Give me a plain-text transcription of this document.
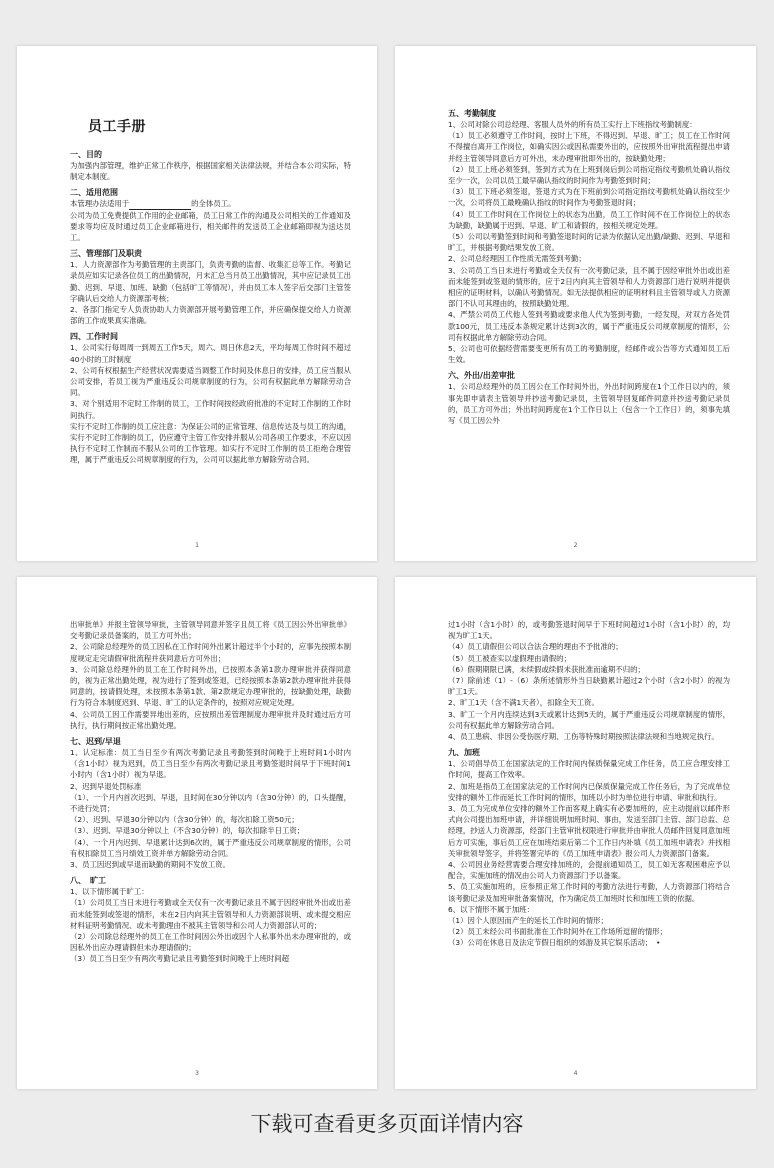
员工手册
一、目的

为加强内部管理，维护正常工作秩序，根据国家相关法律法规，并结合本公司实际，特制定本制度。

二、适用范围

本管理办法适用于	的全体员工。

公司为员工免费提供工作用的企业邮箱，员工日常工作的沟通及公司相关的工作通知及要求等均应及时通过员工企业邮箱进行，相关邮件的发送员工企业邮箱即视为送达员工。

三、管理部门及职责

1、人力资源部作为考勤管理的主责部门，负责考勤的监督、收集汇总等工作。考勤记录员应如实记录各位员工的出勤情况，月末汇总当月员工出勤情况，其中应记录员工出勤、迟到、早退、加班、缺勤（包括旷工等情况），并由员工本人签字后交部门主管签字确认后交给人力资源部考核；

2、各部门指定专人负责协助人力资源部开展考勤管理工作，并应确保提交给人力资源部的工作成果真实准确。

四、工作时间

1、公司实行每周周一到周五工作5天，周六、周日休息2天，平均每周工作时间不超过40小时的工时制度

2、公司有权根据生产经营状况需要适当调整工作时间及休息日的安排，员工应当服从公司安排，若员工视为严重违反公司规章制度的行为，公司有权据此单方解除劳动合同。

3、对个别适用不定时工作制的员工，工作时间按经政府批准的不定时工作制的工作时间执行。

实行不定时工作制的员工应注意：为保证公司的正常管理、信息传达及与员工的沟通，实行不定时工作制的员工，仍应遵守主管工作安排并服从公司各项工作要求，不应以因执行不定时工作制而不服从公司的工作管理。如实行不定时工作制的员工拒绝合理管理，属于严重违反公司规章制度的行为，公司可以据此单方解除劳动合同。

1
五、考勤制度

1、公司对除公司总经理、客服人员外的所有员工实行上下班指纹考勤制度：

（1）员工必须遵守工作时间，按时上下班，不得迟到、早退、旷工；员工在工作时间不得擅自离开工作岗位，如确实因公或因私需要外出的，应按照外出审批流程提出申请并经主管领导同意后方可外出，未办理审批即外出的，按缺勤处理；

（2）员工上班必须签到，签到方式为在上班到岗后到公司指定指纹考勤机处确认指纹至少一次，公司以员工最早确认指纹的时间作为考勤签到时间；

（3）员工下班必须签退，签退方式为在下班前到公司指定指纹考勤机处确认指纹至少一次，公司将员工最晚确认指纹的时间作为考勤签退时间；

（4）员工工作时间在工作岗位上的状态为出勤，员工工作时间不在工作岗位上的状态为缺勤，缺勤属于迟到、早退、旷工和请假的，按相关规定处理。

（5）公司以考勤签到时间和考勤签退时间的记录为依据认定出勤/缺勤、迟到、早退和旷工，并根据考勤结果发放工资。

2、公司总经理因工作性质无需签到考勤；

3、公司员工当日未进行考勤或全天仅有一次考勤记录，且不属于因经审批外出或出差而未能签到或签退的情形的，应于2日内向其主管领导和人力资源部门进行说明并提供相应的证明材料，以确认考勤情况。如无法提供相应的证明材料且主管领导或人力资源部门不认可其理由的，按照缺勤处理。

4、严禁公司员工代他人签到考勤或要求他人代为签到考勤，一经发现，对双方各处罚款100元，员工违反本条规定累计达到3次的，属于严重违反公司规章制度的情形，公司有权据此单方解除劳动合同。

5、公司也可依据经营需要变更所有员工的考勤制度，经邮件或公告等方式通知员工后生效。

六、外出/出差审批

1、公司总经理外的员工因公在工作时间外出，外出时间跨度在1个工作日以内的，须事先即申请表主管领导并抄送考勤记录员，主管领导回复邮件同意并抄送考勤记录员的，员工方可外出；外出时间跨度在1个工作日以上（包含一个工作日）的，须事先填写《员工因公外

2

出审批单》并报主管领导审批，主管领导同意并签字且员工将《员工因公外出审批单》交考勤记录员备案的，员工方可外出；

2、公司除总经理外的员工因私在工作时间外出累计超过半个小时的，应事先按照本制度规定走完请假审批流程并获同意后方可外出；

3、公司除总经理外的员工在工作时间外出，已按照本条第1款办理审批并获得同意的，视为正常出勤处理，视为进行了签到或签退，已经按照本条第2款办理审批并获得同意的，按请假处理，未按照本条第1款、第2款规定办理审批的，按缺勤处理，缺勤行为符合本制度迟到、早退、旷工的认定条件的，按照对应规定处理。

4、公司员工因工作需要异地出差的，应按照出差管理制度办理审批并及时通过后方可执行，执行期间按正常出勤处理。

七、迟到/早退

1、认定标准：员工当日至少有两次考勤记录且考勤签到时间晚于上班时间1小时内（含1小时）视为迟到，员工当日至少有两次考勤记录且考勤签退时间早于下班时间1小时内（含1小时）视为早退。

2、迟到早退处罚标准

（1）、一个月内首次迟到、早退，且时间在30分钟以内（含30分钟）的，口头提醒，不进行处罚；

（2）、迟到、早退30分钟以内（含30分钟）的，每次扣除工资50元；

（3）、迟到、早退30分钟以上（不含30分钟）的，每次扣除半日工资；

（4）、一个月内迟到、早退累计达到6次的，属于严重违反公司规章制度的情形，公司有权扣除员工当月绩效工资并单方解除劳动合同。

3、员工因迟到或早退而缺勤的期间不发放工资。

八、　旷工

1、以下情形属于旷工：

（1）公司员工当日未进行考勤或全天仅有一次考勤记录且不属于因经审批外出或出差而未能签到或签退的情形，未在2日内向其主管领导和人力资源部说明、或未提交相应材料证明考勤情况、或未考勤理由不被其主管领导和公司人力资源部认可的；

（2）公司除总经理外的员工在工作时间因公外出或因个人私事外出未办理审批的，或因私外出应办理请假但未办理请假的；

（3）员工当日至少有两次考勤记录且考勤签到时间晚于上班时间超

3

过1小时（含1小时）的，或考勤签退时间早于下班时间超过1小时（含1小时）的，均视为旷工1天。

（4）员工请假但公司以合法合理的理由不予批准的；

（5）员工被查实以虚假理由请假的；

（6）假期期限已满，未续假或续假未获批准而逾期不归的；

（7）除前述（1）-（6）条所述情形外当日缺勤累计超过2个小时（含2小时）的视为旷工1天。

2、旷工1天（含不满1天者），扣除全天工资。

3、旷工一个月内连续达到3天或累计达到5天的，属于严重违反公司规章制度的情形，公司有权据此单方解除劳动合同。

4、员工患病、非因公受伤医疗期、工伤等特殊时期按照法律法规和当地规定执行。

九、加班

1、公司倡导员工在国家法定的工作时间内保质保量完成工作任务，员工应合理安排工作时间，提高工作效率。

2、加班是指员工在国家法定的工作时间内已保质保量完成工作任务后，为了完成单位安排的额外工作而延长工作时间的情形，加班以小时为单位进行申请、审批和执行。

3、员工为完成单位安排的额外工作而客观上确实有必要加班的，应主动提前以邮件形式向公司提出加班申请，并详细说明加班时间、事由，发送至部门主管、部门总监、总经理，抄送人力资源部，经部门主管审批权限进行审批并由审批人员邮件回复同意加班后方可实施，事后员工应在加班结束后第二个工作日内补填《员工加班申请表》并找相关审批领导签字，并将签署完毕的《员工加班申请表》报公司人力资源部门备案。

4、公司因业务经营需要合理安排加班的，会提前通知员工，员工如无客观困难应予以配合，实施加班的情况由公司人力资源部门予以备案。

5、员工实施加班的，应参照正常工作时间的考勤方法进行考勤，人力资源部门将结合该考勤记录及加班审批备案情况，作为确定员工加班时长和加班工资的依据。

6、以下情形不属于加班：

（1）因个人原因而产生的延长工作时间的情形；

（2）员工未经公司书面批准在工作时间外在工作场所逗留的情形；

（3）公司在休息日及法定节假日组织的郊游及其它娱乐活动；　•

4
下载可查看更多页面详情内容
